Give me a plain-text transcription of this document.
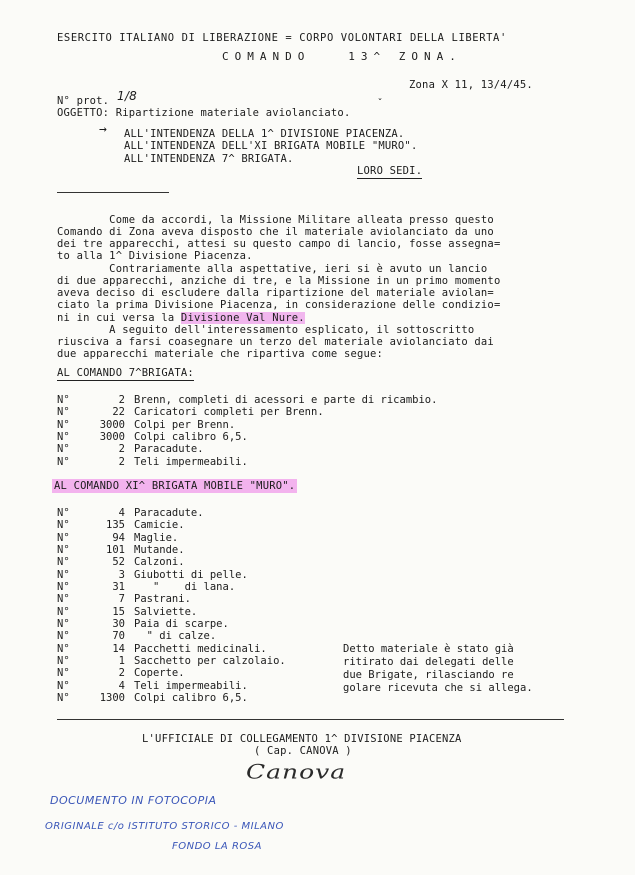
ESERCITO ITALIANO DI LIBERAZIONE = CORPO VOLONTARI DELLA LIBERTA'
COMANDO   13^ ZONA.
Zona X 11, 13/4/45.
N° prot. 1/8
OGGETTO: Ripartizione materiale aviolanciato.
ˇ
→ ALL'INTENDENZA DELLA 1^ DIVISIONE PIACENZA.
ALL'INTENDENZA DELL'XI BRIGATA MOBILE "MURO".
ALL'INTENDENZA 7^ BRIGATA.
LORO SEDI.
Come da accordi, la Missione Militare alleata presso questo
Comando di Zona aveva disposto che il materiale aviolanciato da uno
dei tre apparecchi, attesi su questo campo di lancio, fosse assegna=
to alla 1^ Divisione Piacenza.
Contrariamente alla aspettative, ieri si è avuto un lancio
di due apparecchi, anziche di tre, e la Missione in un primo momento
aveva deciso di escludere dalla ripartizione del materiale aviolan=
ciato la prima Divisione Piacenza, in considerazione delle condizio=
ni in cui versa la Divisione Val Nure.
A seguito dell'interessamento esplicato, il sottoscritto
riusciva a farsi coasegnare un terzo del materiale aviolanciato dai
due apparecchi materiale che ripartiva come segue:
AL COMANDO 7^BRIGATA:
N°	2 Brenn, completi di acessori e parte di ricambio.
N°	22 Caricatori completi per Brenn.
N°	3000 Colpi per Brenn.
N°	3000 Colpi calibro 6,5.
N°	2 Paracadute.
N°	2 Teli impermeabili.
AL COMANDO XI^ BRIGATA MOBILE "MURO".
N°	4 Paracadute.
N°	135 Camicie.
N°	94 Maglie.
N°	101 Mutande.
N°	52 Calzoni.
N°	3 Giubotti di pelle.
N°	31 "    di lana.
N°	7 Pastrani.
N°	15 Salviette.
N°	30 Paia di scarpe.
N°	70 " di calze.
N°	14 Pacchetti medicinali.
N°	1 Sacchetto per calzolaio.
N°	2 Coperte.
N°	4 Teli impermeabili.
N°	1300 Colpi calibro 6,5.
Detto materiale è stato già
ritirato dai delegati delle
due Brigate, rilasciando re
golare ricevuta che si allega.
L'UFFICIALE DI COLLEGAMENTO 1^ DIVISIONE PIACENZA
( Cap. CANOVA )
Canova
DOCUMENTO IN FOTOCOPIA
ORIGINALE c/o ISTITUTO STORICO - MILANO
FONDO LA ROSA
